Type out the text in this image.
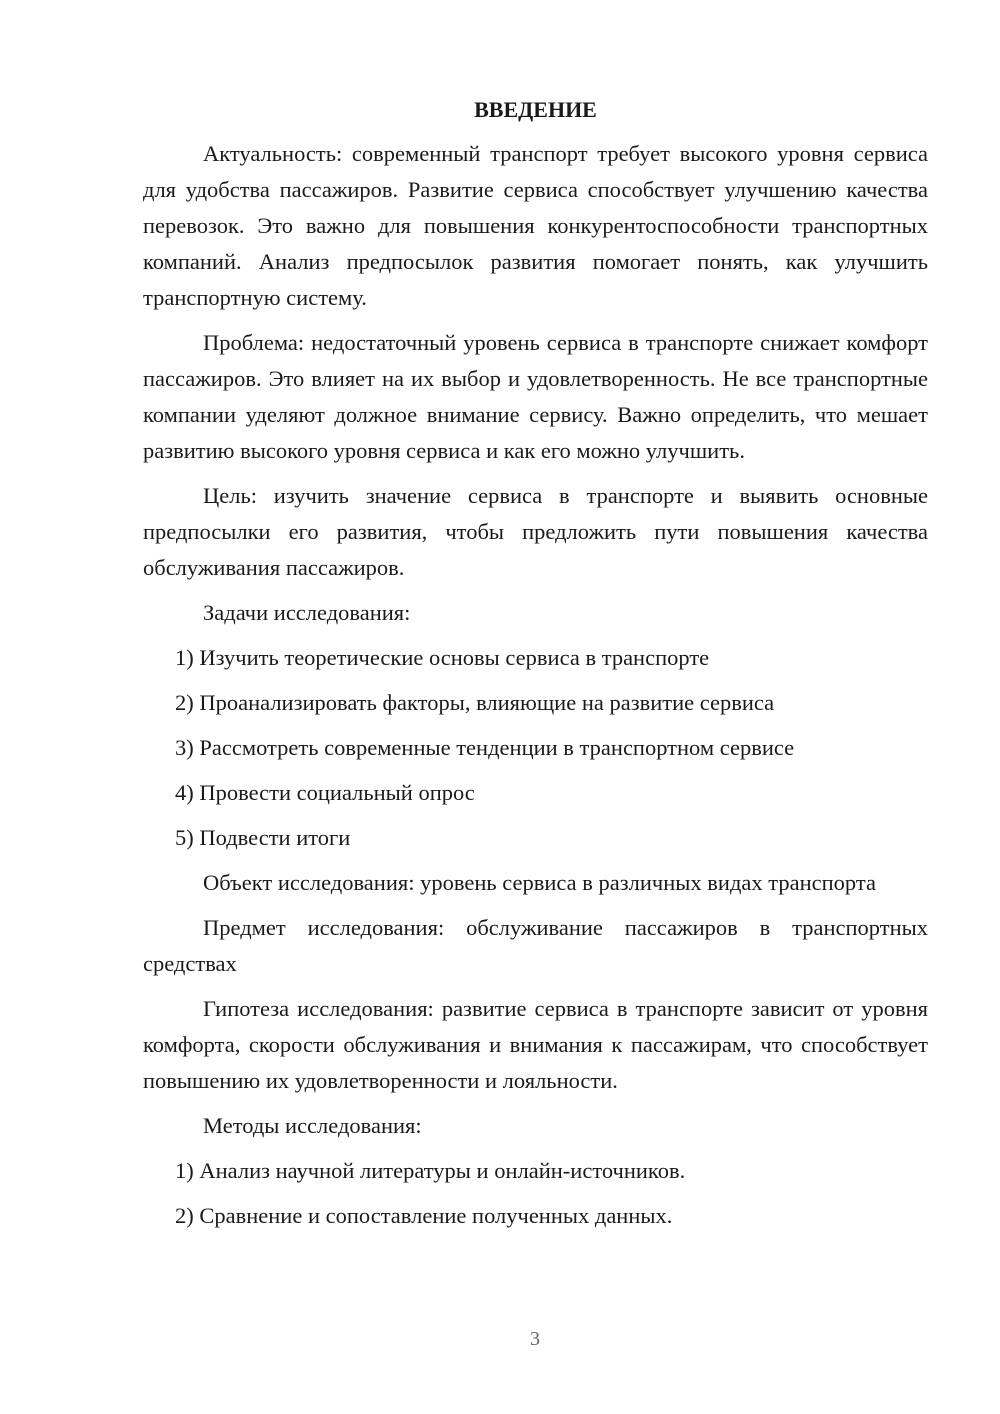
ВВЕДЕНИЕ

Актуальность: современный транспорт требует высокого уровня сервиса для удобства пассажиров. Развитие сервиса способствует улучшению качества перевозок. Это важно для повышения конкурентоспособности транспортных компаний. Анализ предпосылок развития помогает понять, как улучшить транспортную систему.

Проблема: недостаточный уровень сервиса в транспорте снижает комфорт пассажиров. Это влияет на их выбор и удовлетворенность. Не все транспортные компании уделяют должное внимание сервису. Важно определить, что мешает развитию высокого уровня сервиса и как его можно улучшить.

Цель: изучить значение сервиса в транспорте и выявить основные предпосылки его развития, чтобы предложить пути повышения качества обслуживания пассажиров.

Задачи исследования:

1) Изучить теоретические основы сервиса в транспорте

2) Проанализировать факторы, влияющие на развитие сервиса

3) Рассмотреть современные тенденции в транспортном сервисе

4) Провести социальный опрос

5) Подвести итоги

Объект исследования: уровень сервиса в различных видах транспорта

Предмет исследования: обслуживание пассажиров в транспортных средствах

Гипотеза исследования: развитие сервиса в транспорте зависит от уровня комфорта, скорости обслуживания и внимания к пассажирам, что способствует повышению их удовлетворенности и лояльности.

Методы исследования:

1) Анализ научной литературы и онлайн-источников.

2) Сравнение и сопоставление полученных данных.

3
